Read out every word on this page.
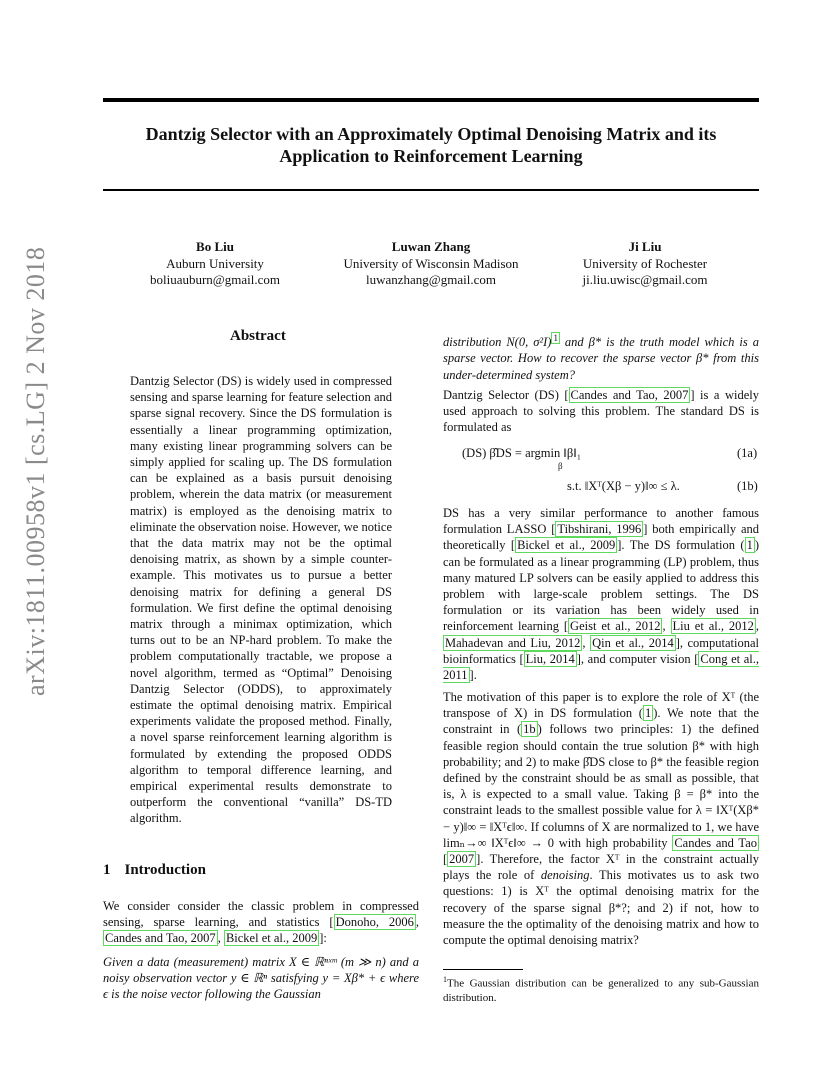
arXiv:1811.00958v1 [cs.LG] 2 Nov 2018
Dantzig Selector with an Approximately Optimal Denoising Matrix and its Application to Reinforcement Learning
Bo Liu
Auburn University
boliuauburn@gmail.com
Luwan Zhang
University of Wisconsin Madison
luwanzhang@gmail.com
Ji Liu
University of Rochester
ji.liu.uwisc@gmail.com
Abstract

Dantzig Selector (DS) is widely used in compressed sensing and sparse learning for feature selection and sparse signal recovery. Since the DS formulation is essentially a linear programming optimization, many existing linear programming solvers can be simply applied for scaling up. The DS formulation can be explained as a basis pursuit denoising problem, wherein the data matrix (or measurement matrix) is employed as the denoising matrix to eliminate the observation noise. However, we notice that the data matrix may not be the optimal denoising matrix, as shown by a simple counter-example. This motivates us to pursue a better denoising matrix for defining a general DS formulation. We first define the optimal denoising matrix through a minimax optimization, which turns out to be an NP-hard problem. To make the problem computationally tractable, we propose a novel algorithm, termed as “Optimal” Denoising Dantzig Selector (ODDS), to approximately estimate the optimal denoising matrix. Empirical experiments validate the proposed method. Finally, a novel sparse reinforcement learning algorithm is formulated by extending the proposed ODDS algorithm to temporal difference learning, and empirical experimental results demonstrate to outperform the conventional “vanilla” DS-TD algorithm.

1 Introduction

We consider consider the classic problem in compressed sensing, sparse learning, and statistics [ Donoho, 2006 , Candes and Tao, 2007 , Bickel et al., 2009 ]:

Given a data (measurement) matrix X ∈ ℝⁿˣᵐ (m ≫ n) and a noisy observation vector y ∈ ℝⁿ satisfying y = Xβ* + ϵ where ϵ is the noise vector following the Gaussian

distribution N(0, σ²I) $^1$ and β* is the truth model which is a sparse vector. How to recover the sparse vector β* from this under-determined system?

Dantzig Selector (DS) [ Candes and Tao, 2007 ] is a widely used approach to solving this problem. The standard DS is formulated as

(DS) β̂DS = argmin ‖β‖₁
β
(1a)
s.t. ‖Xᵀ(Xβ − y)‖∞ ≤ λ.	(1b)

DS has a very similar performance to another famous formulation LASSO [ Tibshirani, 1996 ] both empirically and theoretically [ Bickel et al., 2009 ]. The DS formulation ( 1 ) can be formulated as a linear programming (LP) problem, thus many matured LP solvers can be easily applied to address this problem with large-scale problem settings. The DS formulation or its variation has been widely used in reinforcement learning [ Geist et al., 2012 , Liu et al., 2012 , Mahadevan and Liu, 2012 , Qin et al., 2014 ], computational bioinformatics [ Liu, 2014 ], and computer vision [ Cong et al., 2011 ].

The motivation of this paper is to explore the role of Xᵀ (the transpose of X) in DS formulation ( 1 ). We note that the constraint in ( 1b ) follows two principles: 1) the defined feasible region should contain the true solution β* with high probability; and 2) to make β̂DS close to β* the feasible region defined by the constraint should be as small as possible, that is, λ is expected to a small value. Taking β = β* into the constraint leads to the smallest possible value for λ = ‖Xᵀ(Xβ* − y)‖∞ = ‖Xᵀϵ‖∞. If columns of X are normalized to 1, we have limₙ→∞ ‖Xᵀϵ‖∞ → 0 with high probability Candes and Tao [ 2007 ]. Therefore, the factor Xᵀ in the constraint actually plays the role of denoising. This motivates us to ask two questions: 1) is Xᵀ the optimal denoising matrix for the recovery of the sparse signal β*?; and 2) if not, how to measure the the optimality of the denoising matrix and how to compute the optimal denoising matrix?

$^1$The Gaussian distribution can be generalized to any sub-Gaussian distribution.
